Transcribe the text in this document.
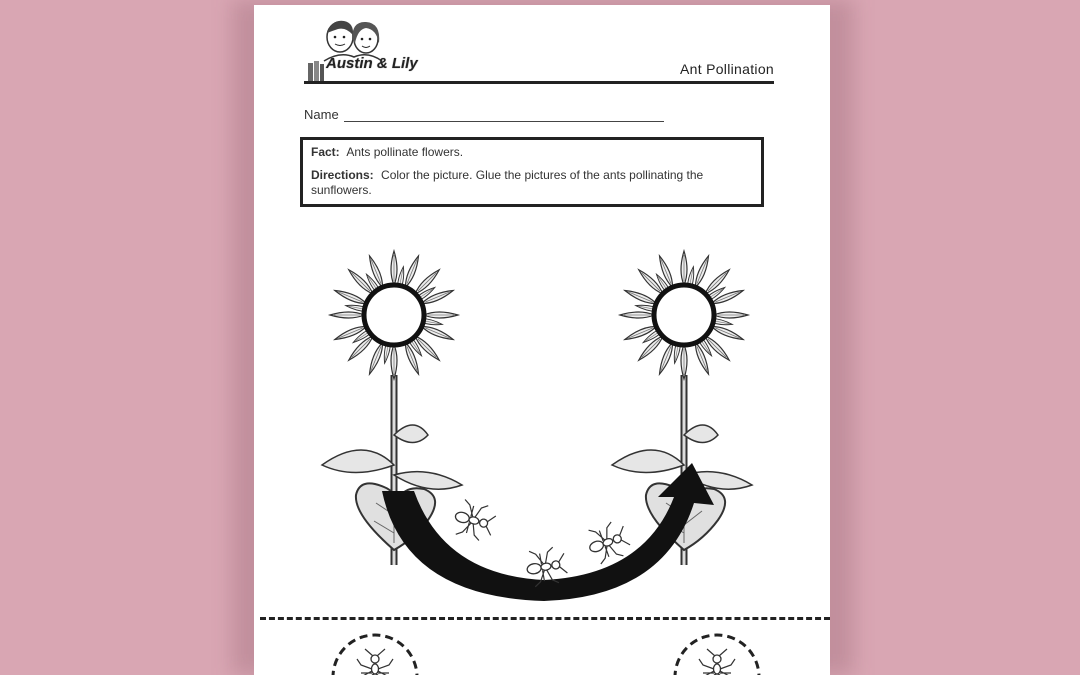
Austin & Lily	Ant Pollination
Name
Fact: Ants pollinate flowers.
Directions: Color the picture. Glue the pictures of the ants pollinating the sunflowers.
